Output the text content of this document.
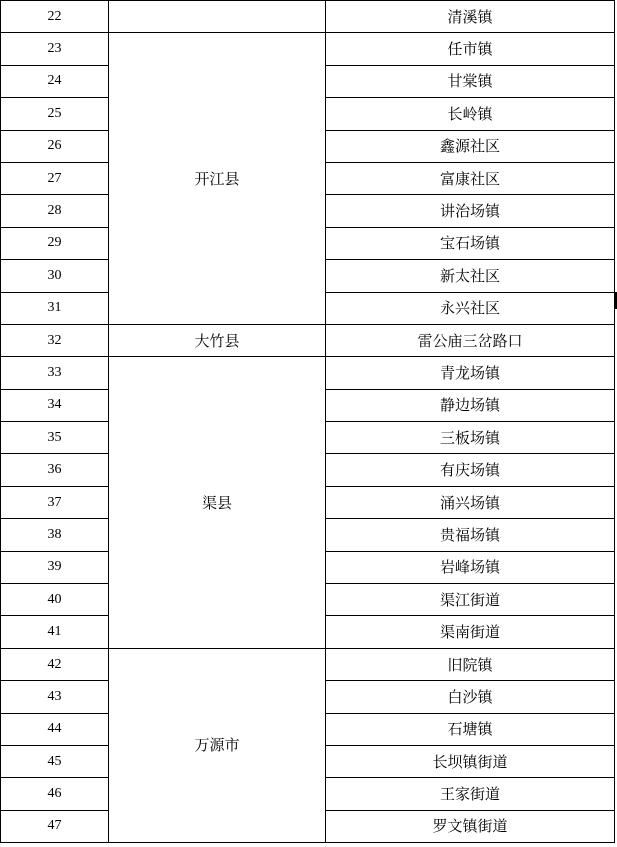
22		清溪镇
23	开江县	任市镇
24		甘棠镇
25		长岭镇
26		鑫源社区
27		富康社区
28		讲治场镇
29		宝石场镇
30		新太社区
31		永兴社区
32	大竹县	雷公庙三岔路口
33	渠县	青龙场镇
34		静边场镇
35		三板场镇
36		有庆场镇
37		涌兴场镇
38		贵福场镇
39		岩峰场镇
40		渠江街道
41		渠南街道
42	万源市	旧院镇
43		白沙镇
44		石塘镇
45		长坝镇街道
46		王家街道
47		罗文镇街道
